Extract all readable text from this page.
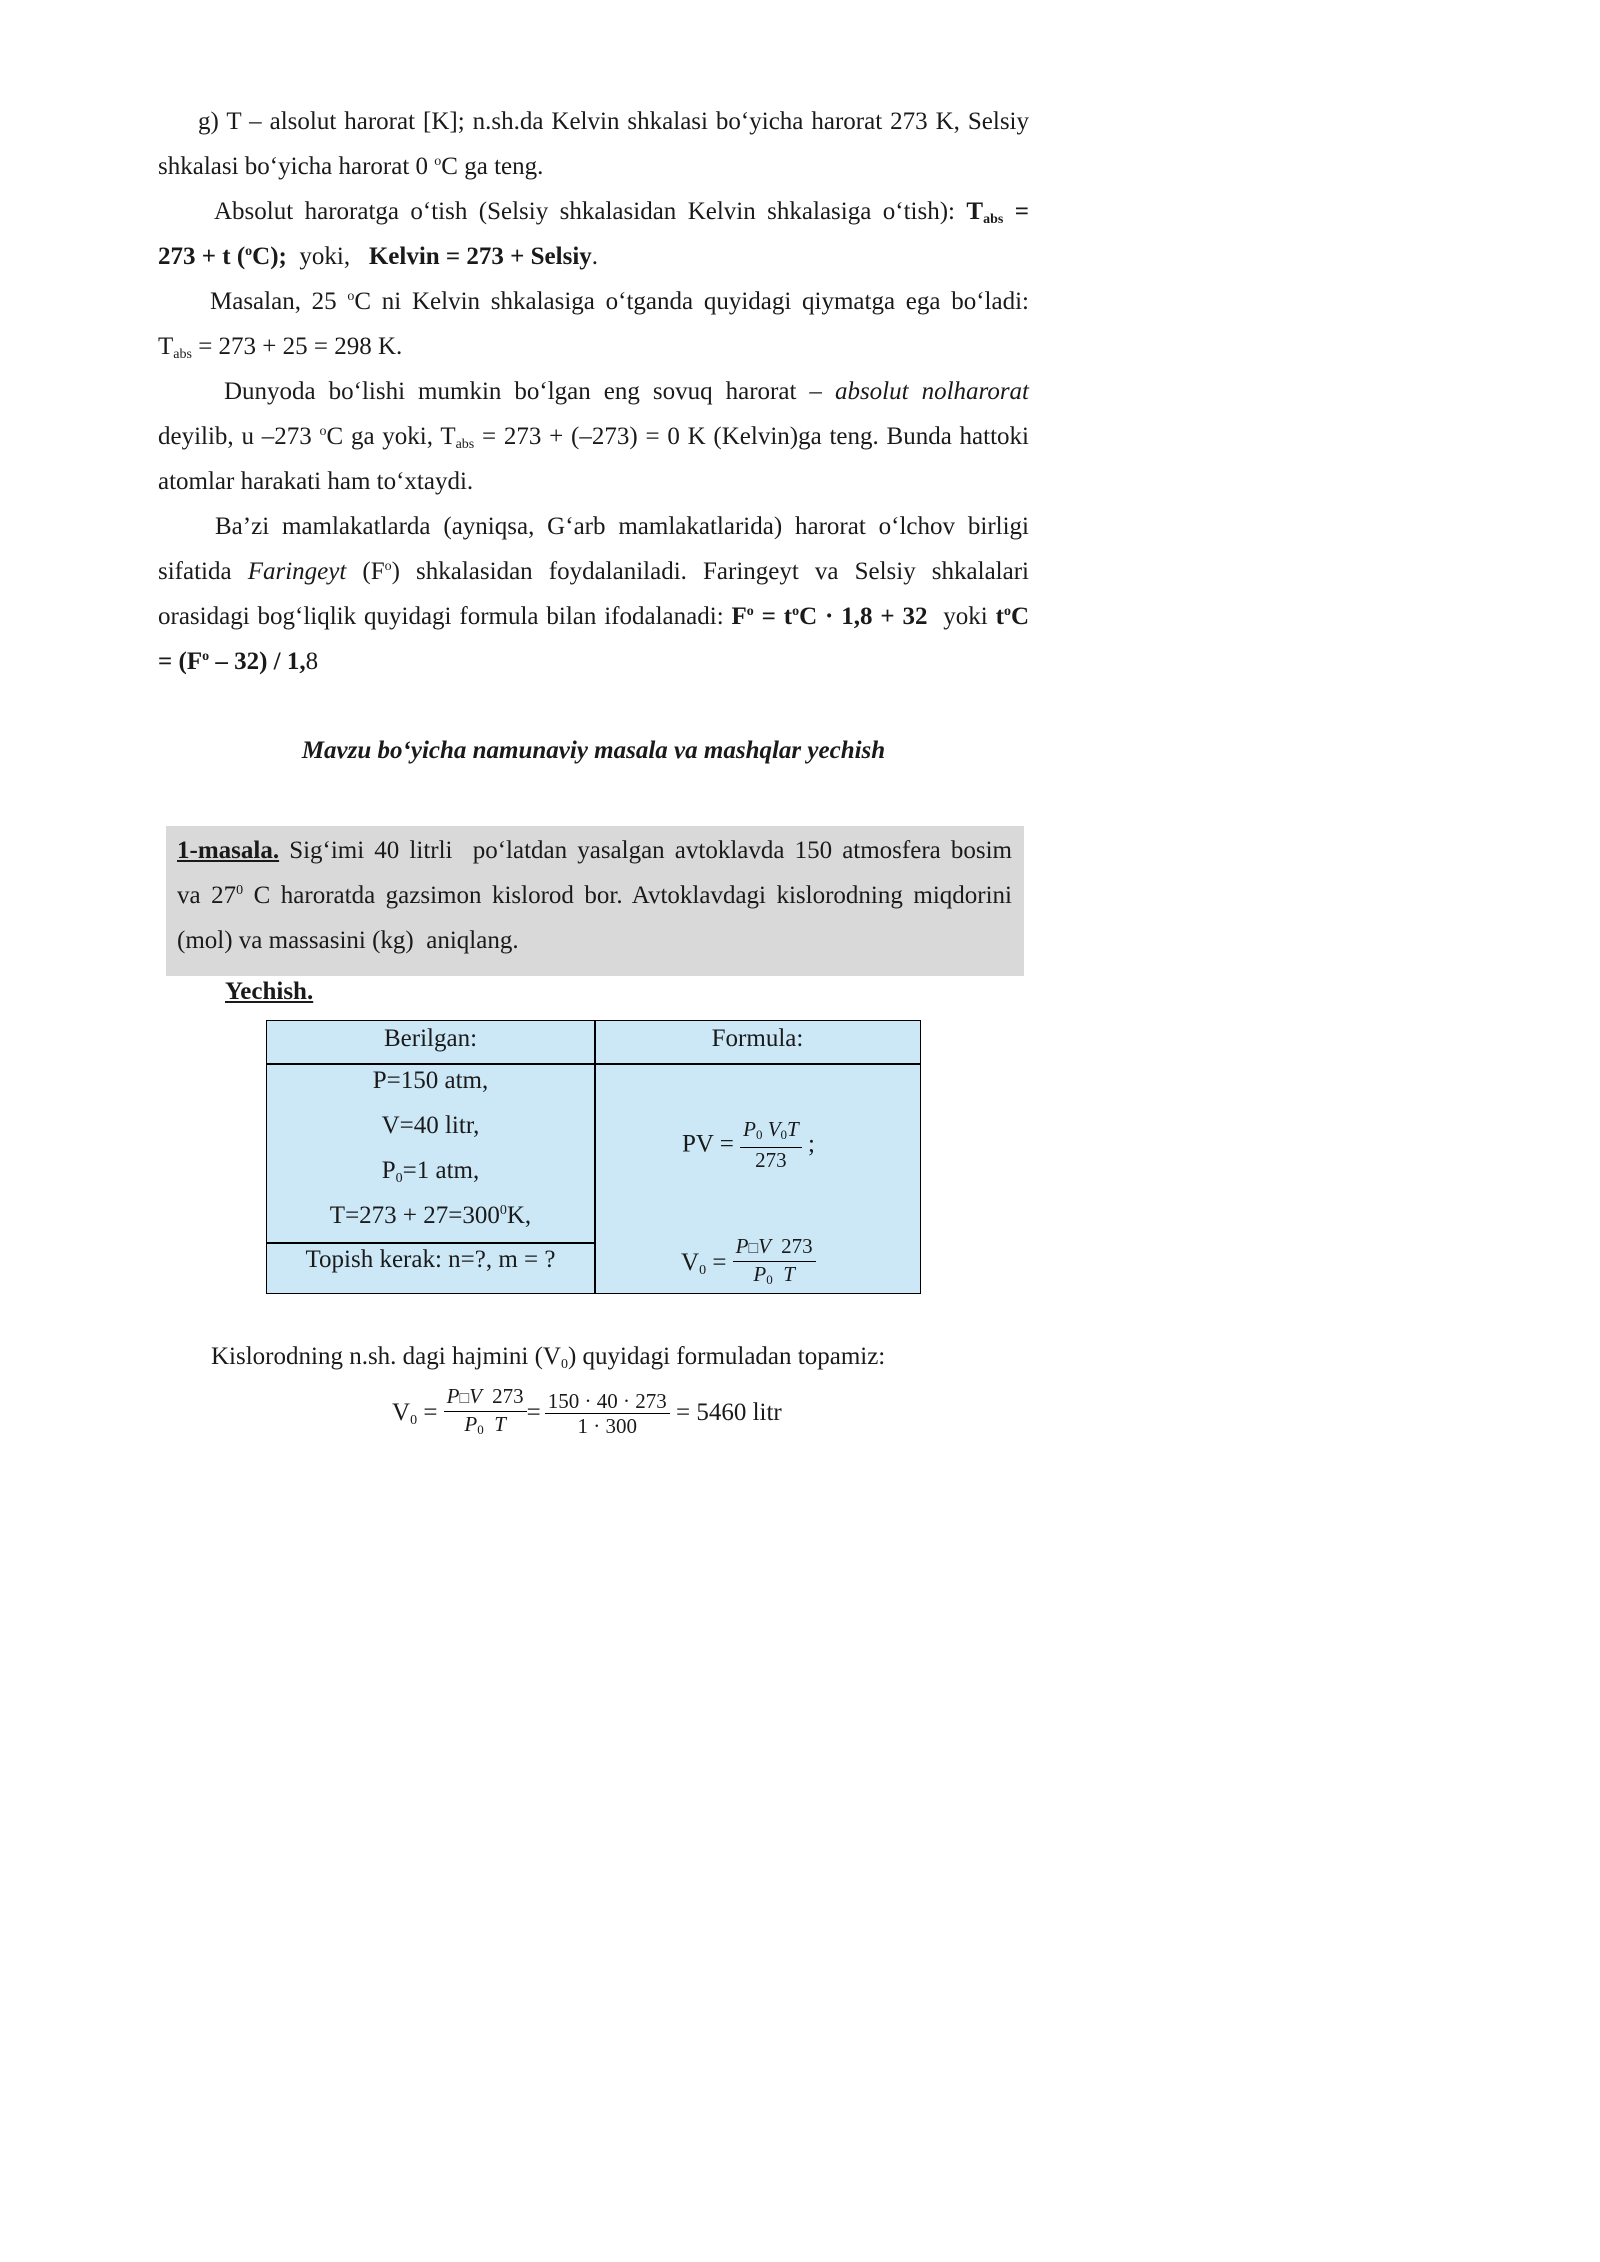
g) T – alsolut harorat [K]; n.sh.da Kelvin shkalasi bo‘yicha harorat 273 K, Selsiy
shkalasi bo‘yicha harorat 0 $^o$C ga teng.
Absolut haroratga o‘tish (Selsiy shkalasidan Kelvin shkalasiga o‘tish): $T_{abs}$ =
273 + t ($^o$C);  yoki,   Kelvin = 273 + Selsiy.
Masalan, 25 $^o$C ni Kelvin shkalasiga o‘tganda quyidagi qiymatga ega bo‘ladi:
$T_{abs} = 273 + 25 = 298$ K.
Dunyoda bo‘lishi mumkin bo‘lgan eng sovuq harorat – absolut nolharorat
deyilib, u –273 $^o$C ga yoki, $T_{abs} = 273 + (-273) = 0$ K (Kelvin)ga teng. Bunda hattoki
atomlar harakati ham to‘xtaydi.
Ba’zi mamlakatlarda (ayniqsa, G‘arb mamlakatlarida) harorat o‘lchov birligi
sifatida Faringeyt $(F^o)$ shkalasidan foydalaniladi. Faringeyt va Selsiy shkalalari
orasidagi bog‘liqlik quyidagi formula bilan ifodalanadi: $F^o = t^oC \cdot 1,8 + 32$  yoki $t^oC$
= $(F^o - 32) / 1,8$
Mavzu bo‘yicha namunaviy masala va mashqlar yechish
1-masala. Sig‘imi 40 litrli  po‘latdan yasalgan avtoklavda 150 atmosfera bosim
va $27^0$ C haroratda gazsimon kislorod bor. Avtoklavdagi kislorodning miqdorini
(mol) va massasini (kg)  aniqlang.
Yechish.
Berilgan:	Formula:
P=150 atm,
V=40 litr,
$P_0=1$ atm,
$T=273 + 27=300^0K$,
Topish kerak: n=?, m = ?
PV = $\frac{P0 V0T}{273}$ ;
$V_0 = \frac{P□V 273}{P0 T}$
Kislorodning n.sh. dagi hajmini $(V_0)$ quyidagi formuladan topamiz:
$V_0 = \frac{P□V 273}{P0 T} = \frac{150 \cdot 40 \cdot 273}{1 \cdot 300} = 5460$ litr
